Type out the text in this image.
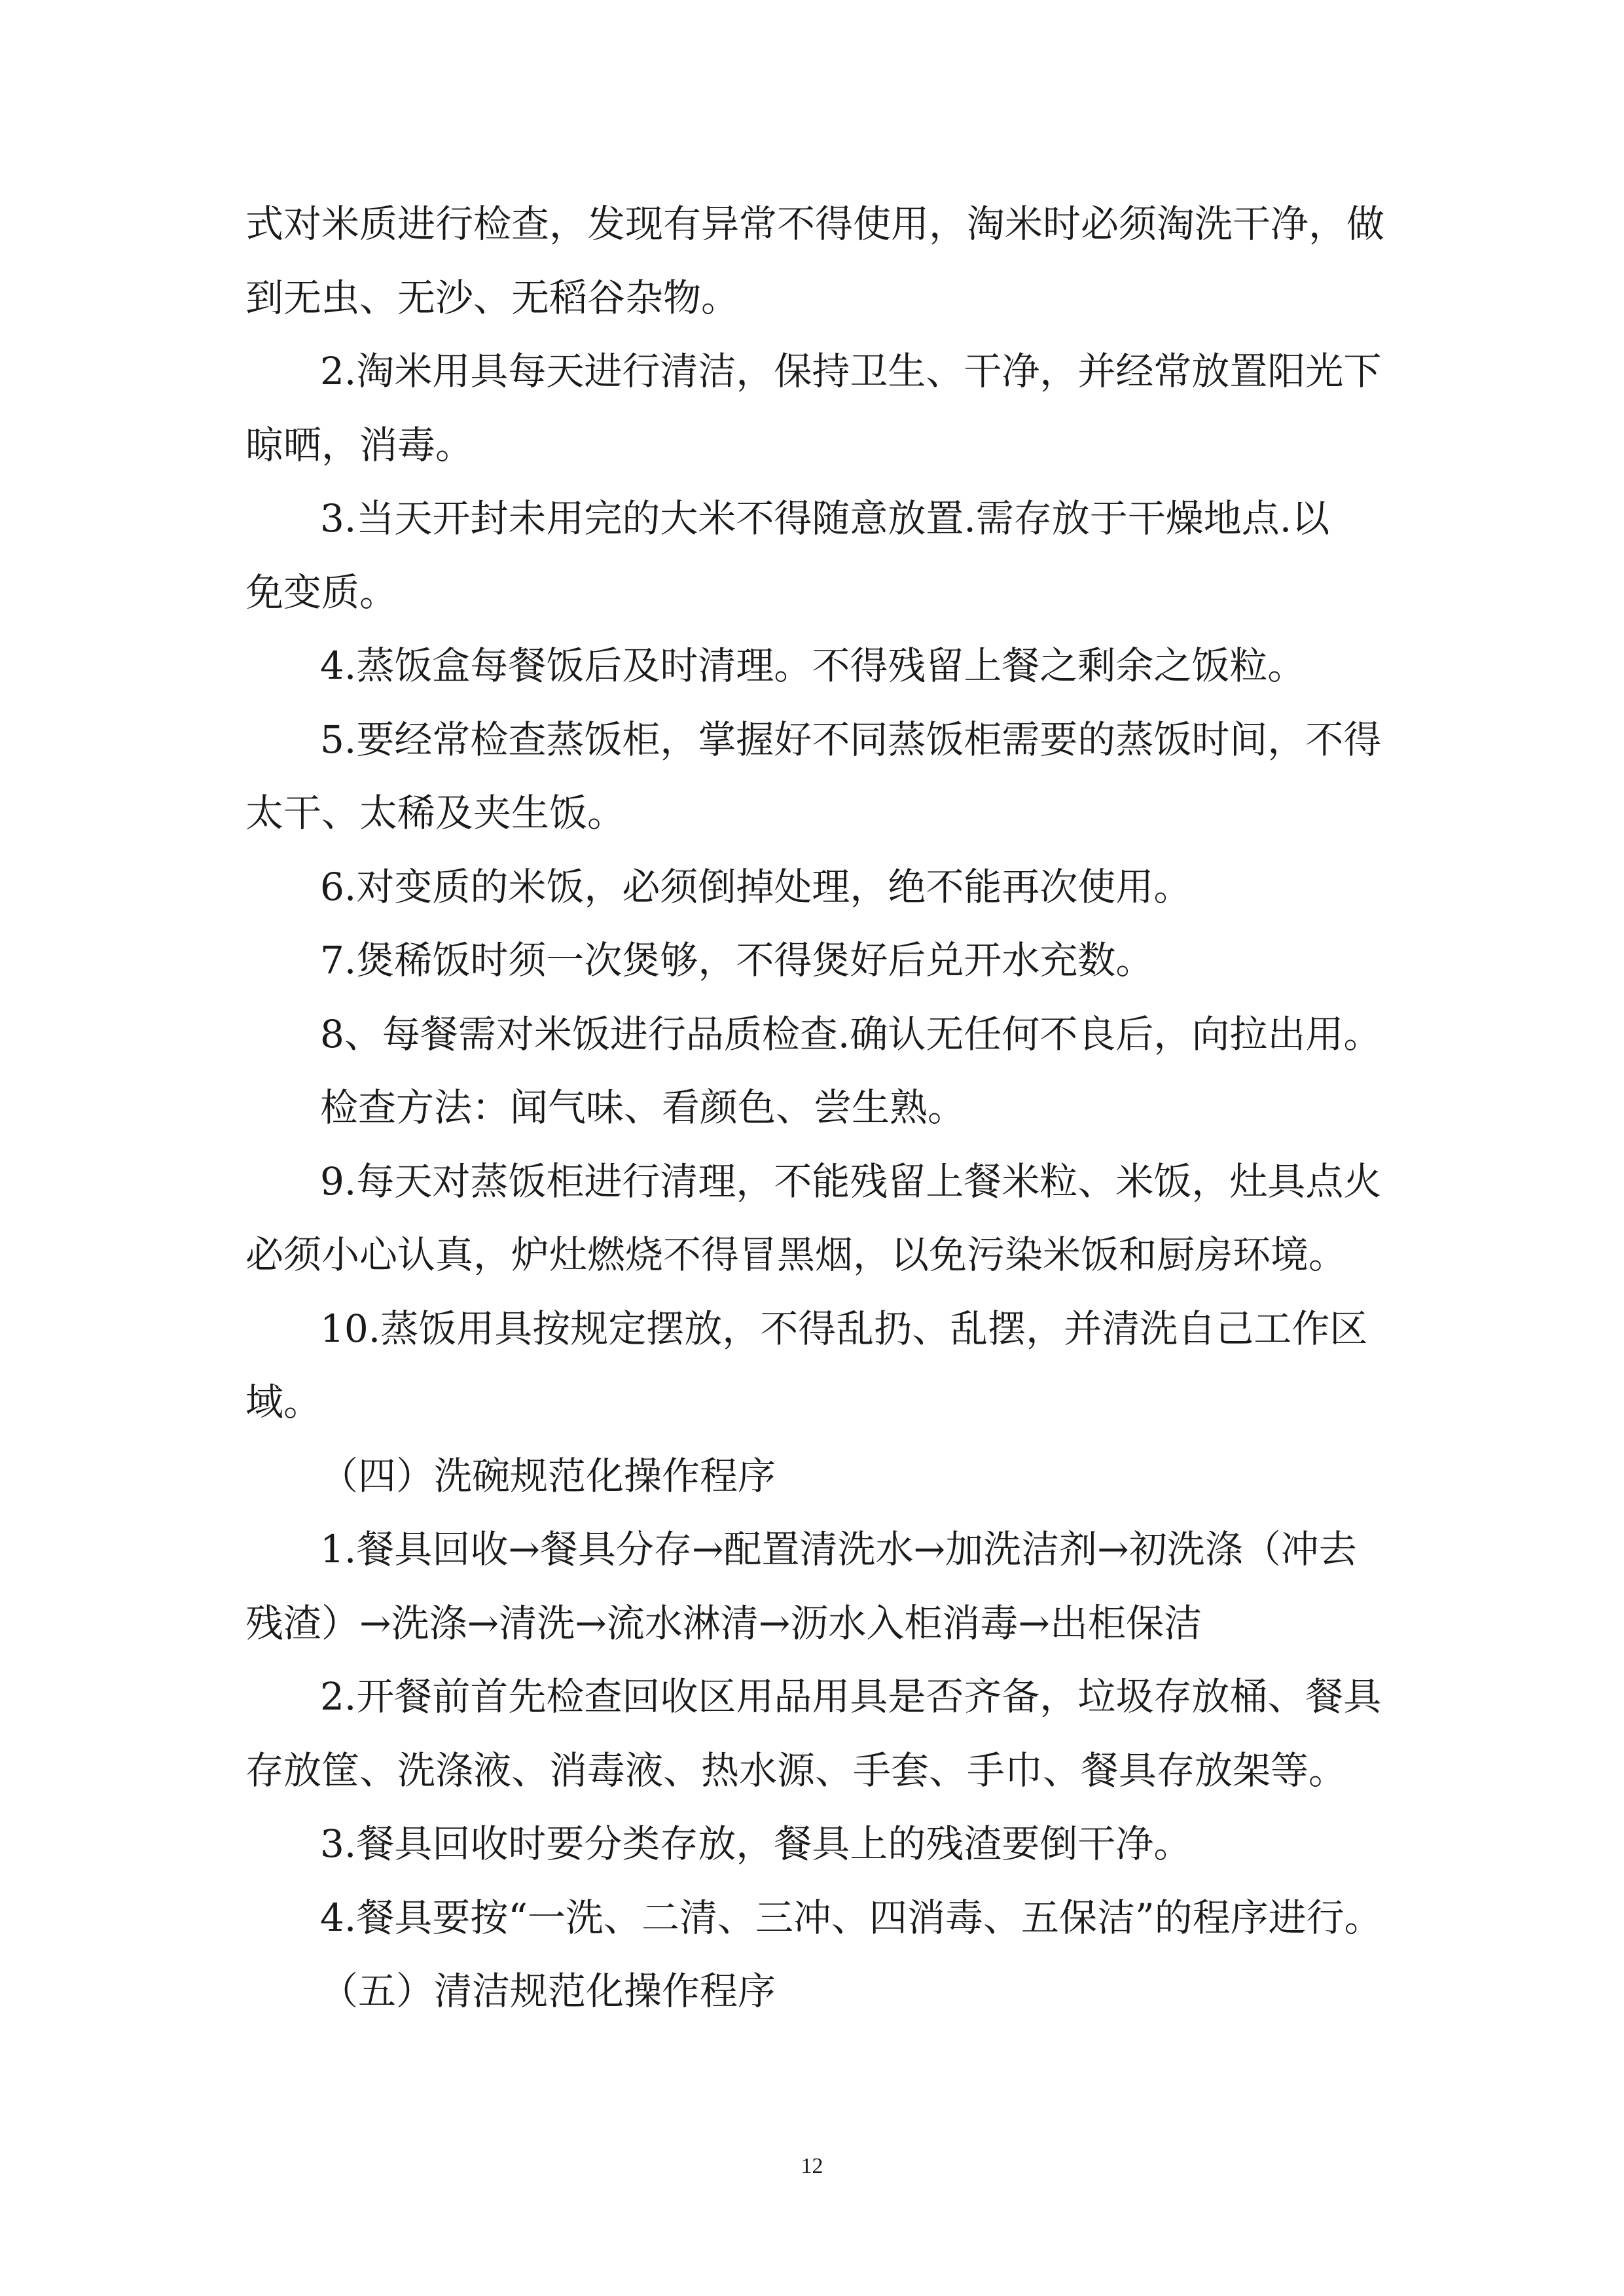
式对米质进行检查，发现有异常不得使用，淘米时必须淘洗干净，做
到无虫、无沙、无稻谷杂物。
2.淘米用具每天进行清洁，保持卫生、干净，并经常放置阳光下
晾晒，消毒。
3.当天开封未用完的大米不得随意放置.需存放于干燥地点.以
免变质。
4.蒸饭盒每餐饭后及时清理。不得残留上餐之剩余之饭粒。
5.要经常检查蒸饭柜，掌握好不同蒸饭柜需要的蒸饭时间，不得
太干、太稀及夹生饭。
6.对变质的米饭，必须倒掉处理，绝不能再次使用。
7.煲稀饭时须一次煲够，不得煲好后兑开水充数。
8、每餐需对米饭进行品质检查.确认无任何不良后，向拉出用。
检查方法：闻气味、看颜色、尝生熟。
9.每天对蒸饭柜进行清理，不能残留上餐米粒、米饭，灶具点火
必须小心认真，炉灶燃烧不得冒黑烟，以免污染米饭和厨房环境。
10.蒸饭用具按规定摆放，不得乱扔、乱摆，并清洗自己工作区
域。
（四）洗碗规范化操作程序
1.餐具回收→餐具分存→配置清洗水→加洗洁剂→初洗涤（冲去
残渣）→洗涤→清洗→流水淋清→沥水入柜消毒→出柜保洁
2.开餐前首先检查回收区用品用具是否齐备，垃圾存放桶、餐具
存放筐、洗涤液、消毒液、热水源、手套、手巾、餐具存放架等。
3.餐具回收时要分类存放，餐具上的残渣要倒干净。
4.餐具要按“一洗、二清、三冲、四消毒、五保洁”的程序进行。
（五）清洁规范化操作程序
12
